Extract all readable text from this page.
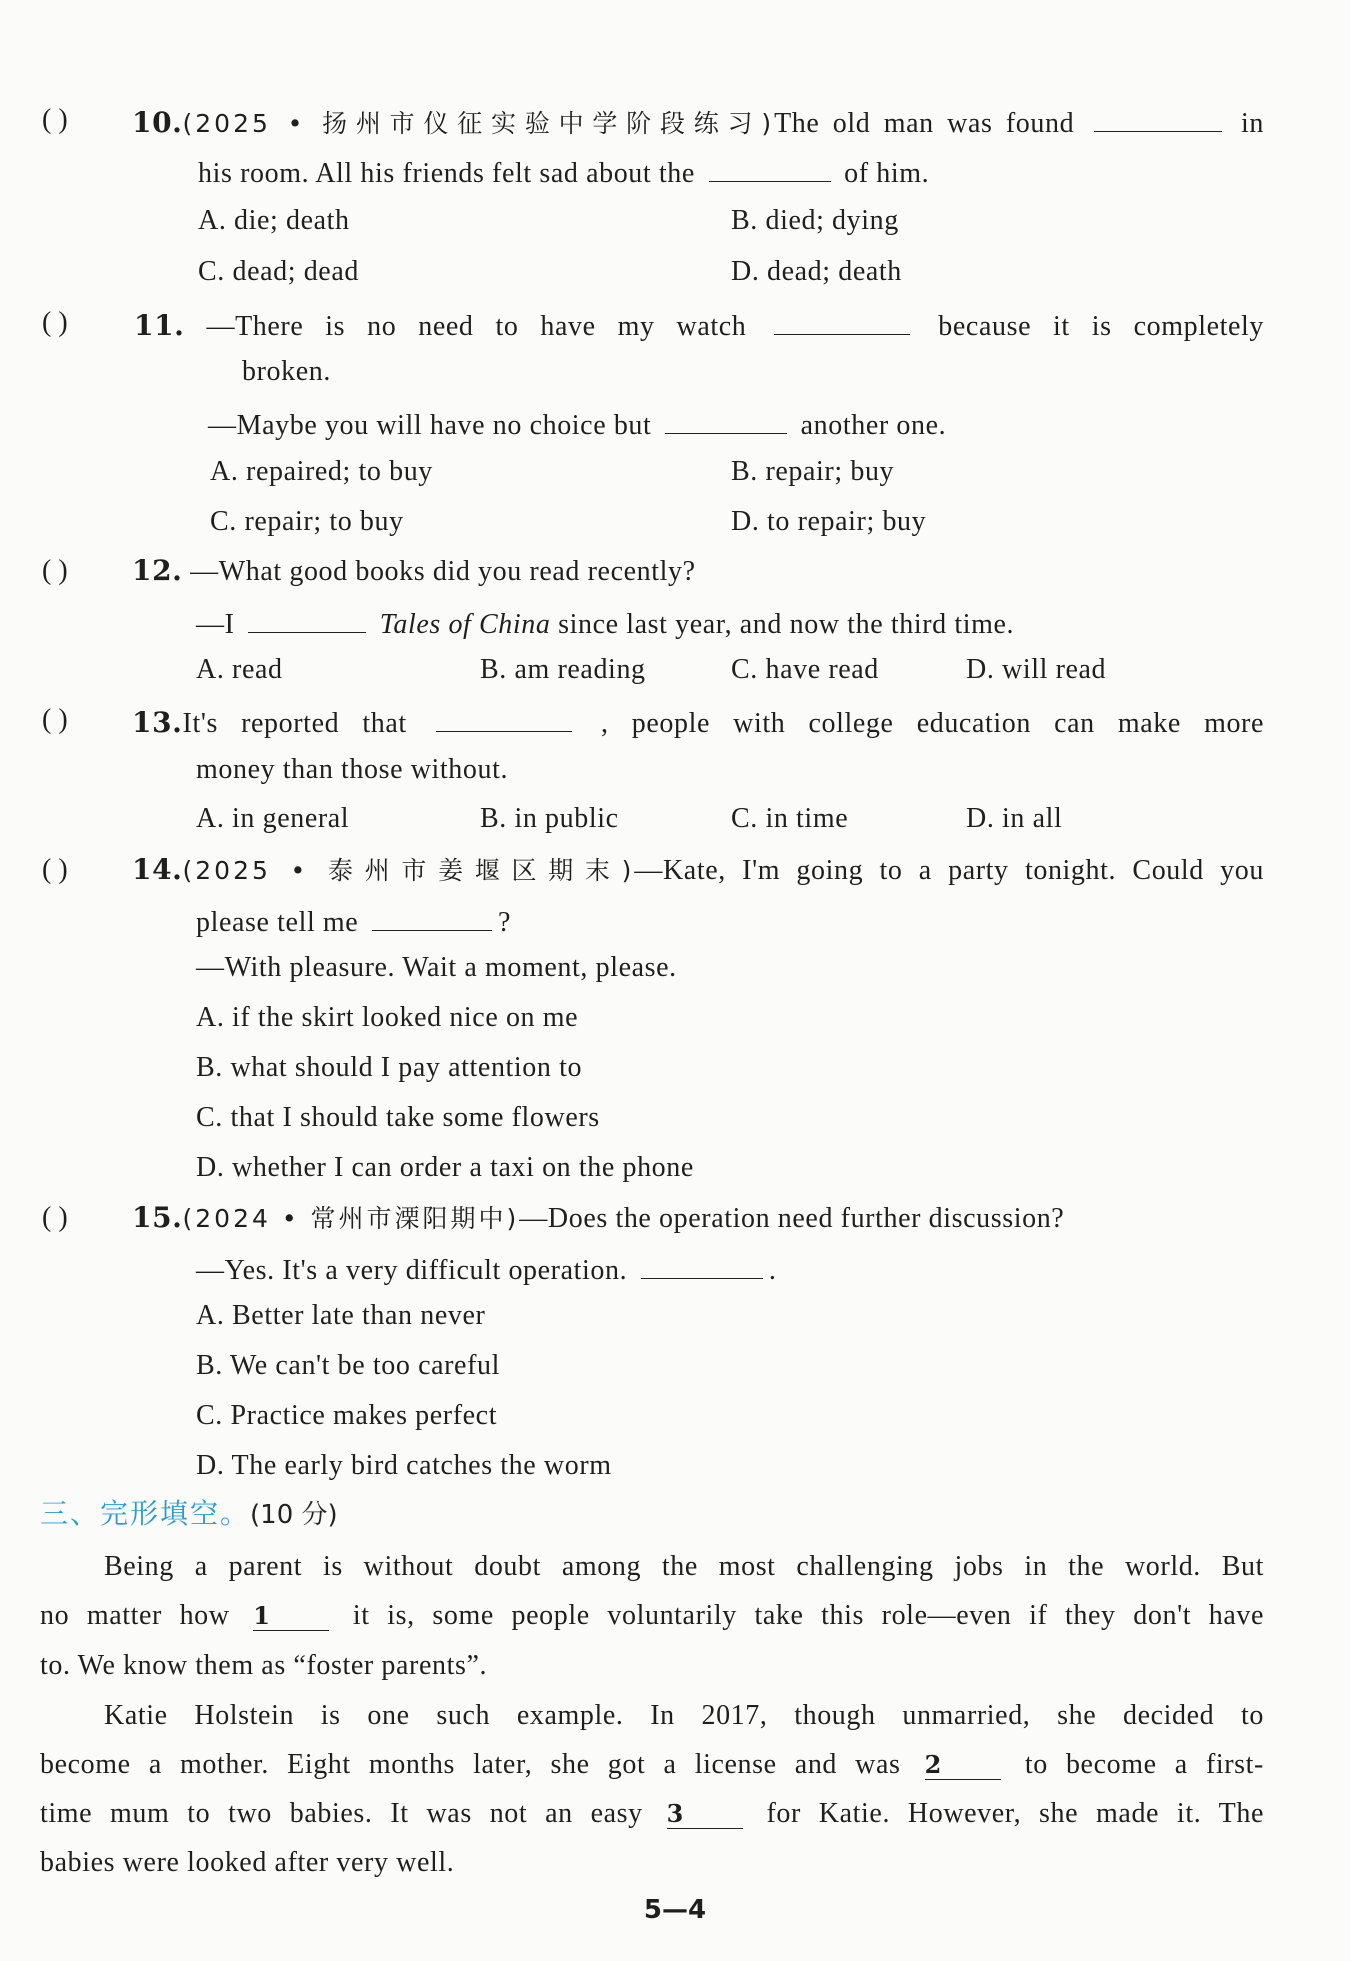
( ) 10.(2025 • 扬州市仪征实验中学阶段练习)The old man was found	in
his room. All his friends felt sad about the	of him.
A. die; death	B. died; dying
C. dead; dead	D. dead; death
( ) 11. —There is no need to have my watch	because it is completely
broken.
—Maybe you will have no choice but	another one.
A. repaired; to buy	B. repair; buy
C. repair; to buy	D. to repair; buy
( ) 12. —What good books did you read recently?
—I	Tales of China since last year, and now the third time.
A. read	B. am reading	C. have read	D. will read
( ) 13.It's reported that	, people with college education can make more
money than those without.
A. in general	B. in public	C. in time	D. in all
( ) 14.(2025 • 泰州市姜堰区期末)—Kate, I'm going to a party tonight. Could you
please tell me	?
—With pleasure. Wait a moment, please.
A. if the skirt looked nice on me
B. what should I pay attention to
C. that I should take some flowers
D. whether I can order a taxi on the phone
( ) 15.(2024 • 常州市溧阳期中)—Does the operation need further discussion?
—Yes. It's a very difficult operation.	.
A. Better late than never
B. We can't be too careful
C. Practice makes perfect
D. The early bird catches the worm
三、完形填空。(10 分)
Being a parent is without doubt among the most challenging jobs in the world. But
no matter how 1	it is, some people voluntarily take this role—even if they don't have
to. We know them as “foster parents”.
Katie Holstein is one such example. In 2017, though unmarried, she decided to
become a mother. Eight months later, she got a license and was 2	to become a first-
time mum to two babies. It was not an easy 3	for Katie. However, she made it. The
babies were looked after very well.
5—4
